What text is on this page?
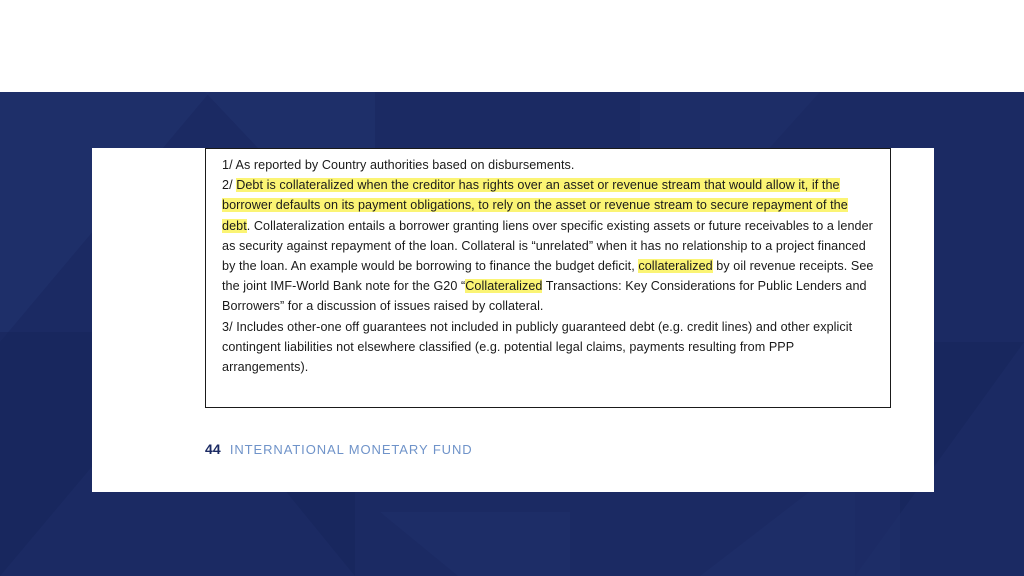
1/ As reported by Country authorities based on disbursements.

2/ Debt is collateralized when the creditor has rights over an asset or revenue stream that would allow it, if the borrower defaults on its payment obligations, to rely on the asset or revenue stream to secure repayment of the debt. Collateralization entails a borrower granting liens over specific existing assets or future receivables to a lender as security against repayment of the loan. Collateral is “unrelated” when it has no relationship to a project financed by the loan. An example would be borrowing to finance the budget deficit, collateralized by oil revenue receipts. See the joint IMF-World Bank note for the G20 “Collateralized Transactions: Key Considerations for Public Lenders and Borrowers” for a discussion of issues raised by collateral.

3/ Includes other-one off guarantees not included in publicly guaranteed debt (e.g. credit lines) and other explicit contingent liabilities not elsewhere classified (e.g. potential legal claims, payments resulting from PPP arrangements).

44 INTERNATIONAL MONETARY FUND
